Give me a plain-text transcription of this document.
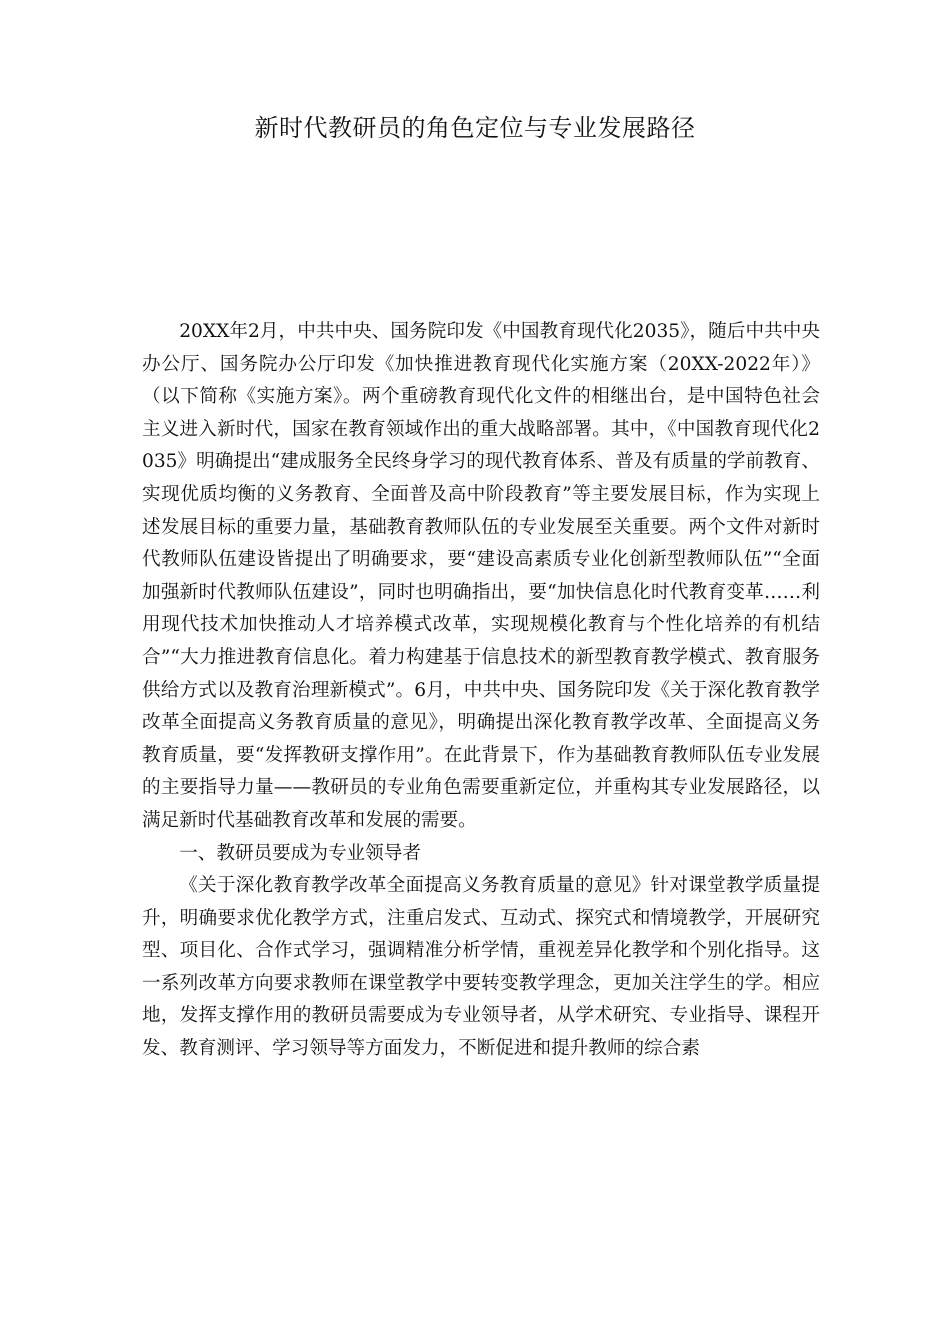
新时代教研员的角色定位与专业发展路径

20XX年2月，中共中央、国务院印发《中国教育现代化2035》，随后中共中央办公厅、国务院办公厅印发《加快推进教育现代化实施方案（20XX-2022年）》（以下简称《实施方案》。两个重磅教育现代化文件的相继出台，是中国特色社会主义进入新时代，国家在教育领域作出的重大战略部署。其中，《中国教育现代化2035》明确提出“建成服务全民终身学习的现代教育体系、普及有质量的学前教育、实现优质均衡的义务教育、全面普及高中阶段教育”等主要发展目标，作为实现上述发展目标的重要力量，基础教育教师队伍的专业发展至关重要。两个文件对新时代教师队伍建设皆提出了明确要求，要“建设高素质专业化创新型教师队伍”“全面加强新时代教师队伍建设”，同时也明确指出，要“加快信息化时代教育变革……利用现代技术加快推动人才培养模式改革，实现规模化教育与个性化培养的有机结合”“大力推进教育信息化。着力构建基于信息技术的新型教育教学模式、教育服务供给方式以及教育治理新模式”。6月，中共中央、国务院印发《关于深化教育教学改革全面提高义务教育质量的意见》，明确提出深化教育教学改革、全面提高义务教育质量，要“发挥教研支撑作用”。在此背景下，作为基础教育教师队伍专业发展的主要指导力量——教研员的专业角色需要重新定位，并重构其专业发展路径，以满足新时代基础教育改革和发展的需要。

一、教研员要成为专业领导者

《关于深化教育教学改革全面提高义务教育质量的意见》针对课堂教学质量提升，明确要求优化教学方式，注重启发式、互动式、探究式和情境教学，开展研究型、项目化、合作式学习，强调精准分析学情，重视差异化教学和个别化指导。这一系列改革方向要求教师在课堂教学中要转变教学理念，更加关注学生的学。相应地，发挥支撑作用的教研员需要成为专业领导者，从学术研究、专业指导、课程开发、教育测评、学习领导等方面发力，不断促进和提升教师的综合素
